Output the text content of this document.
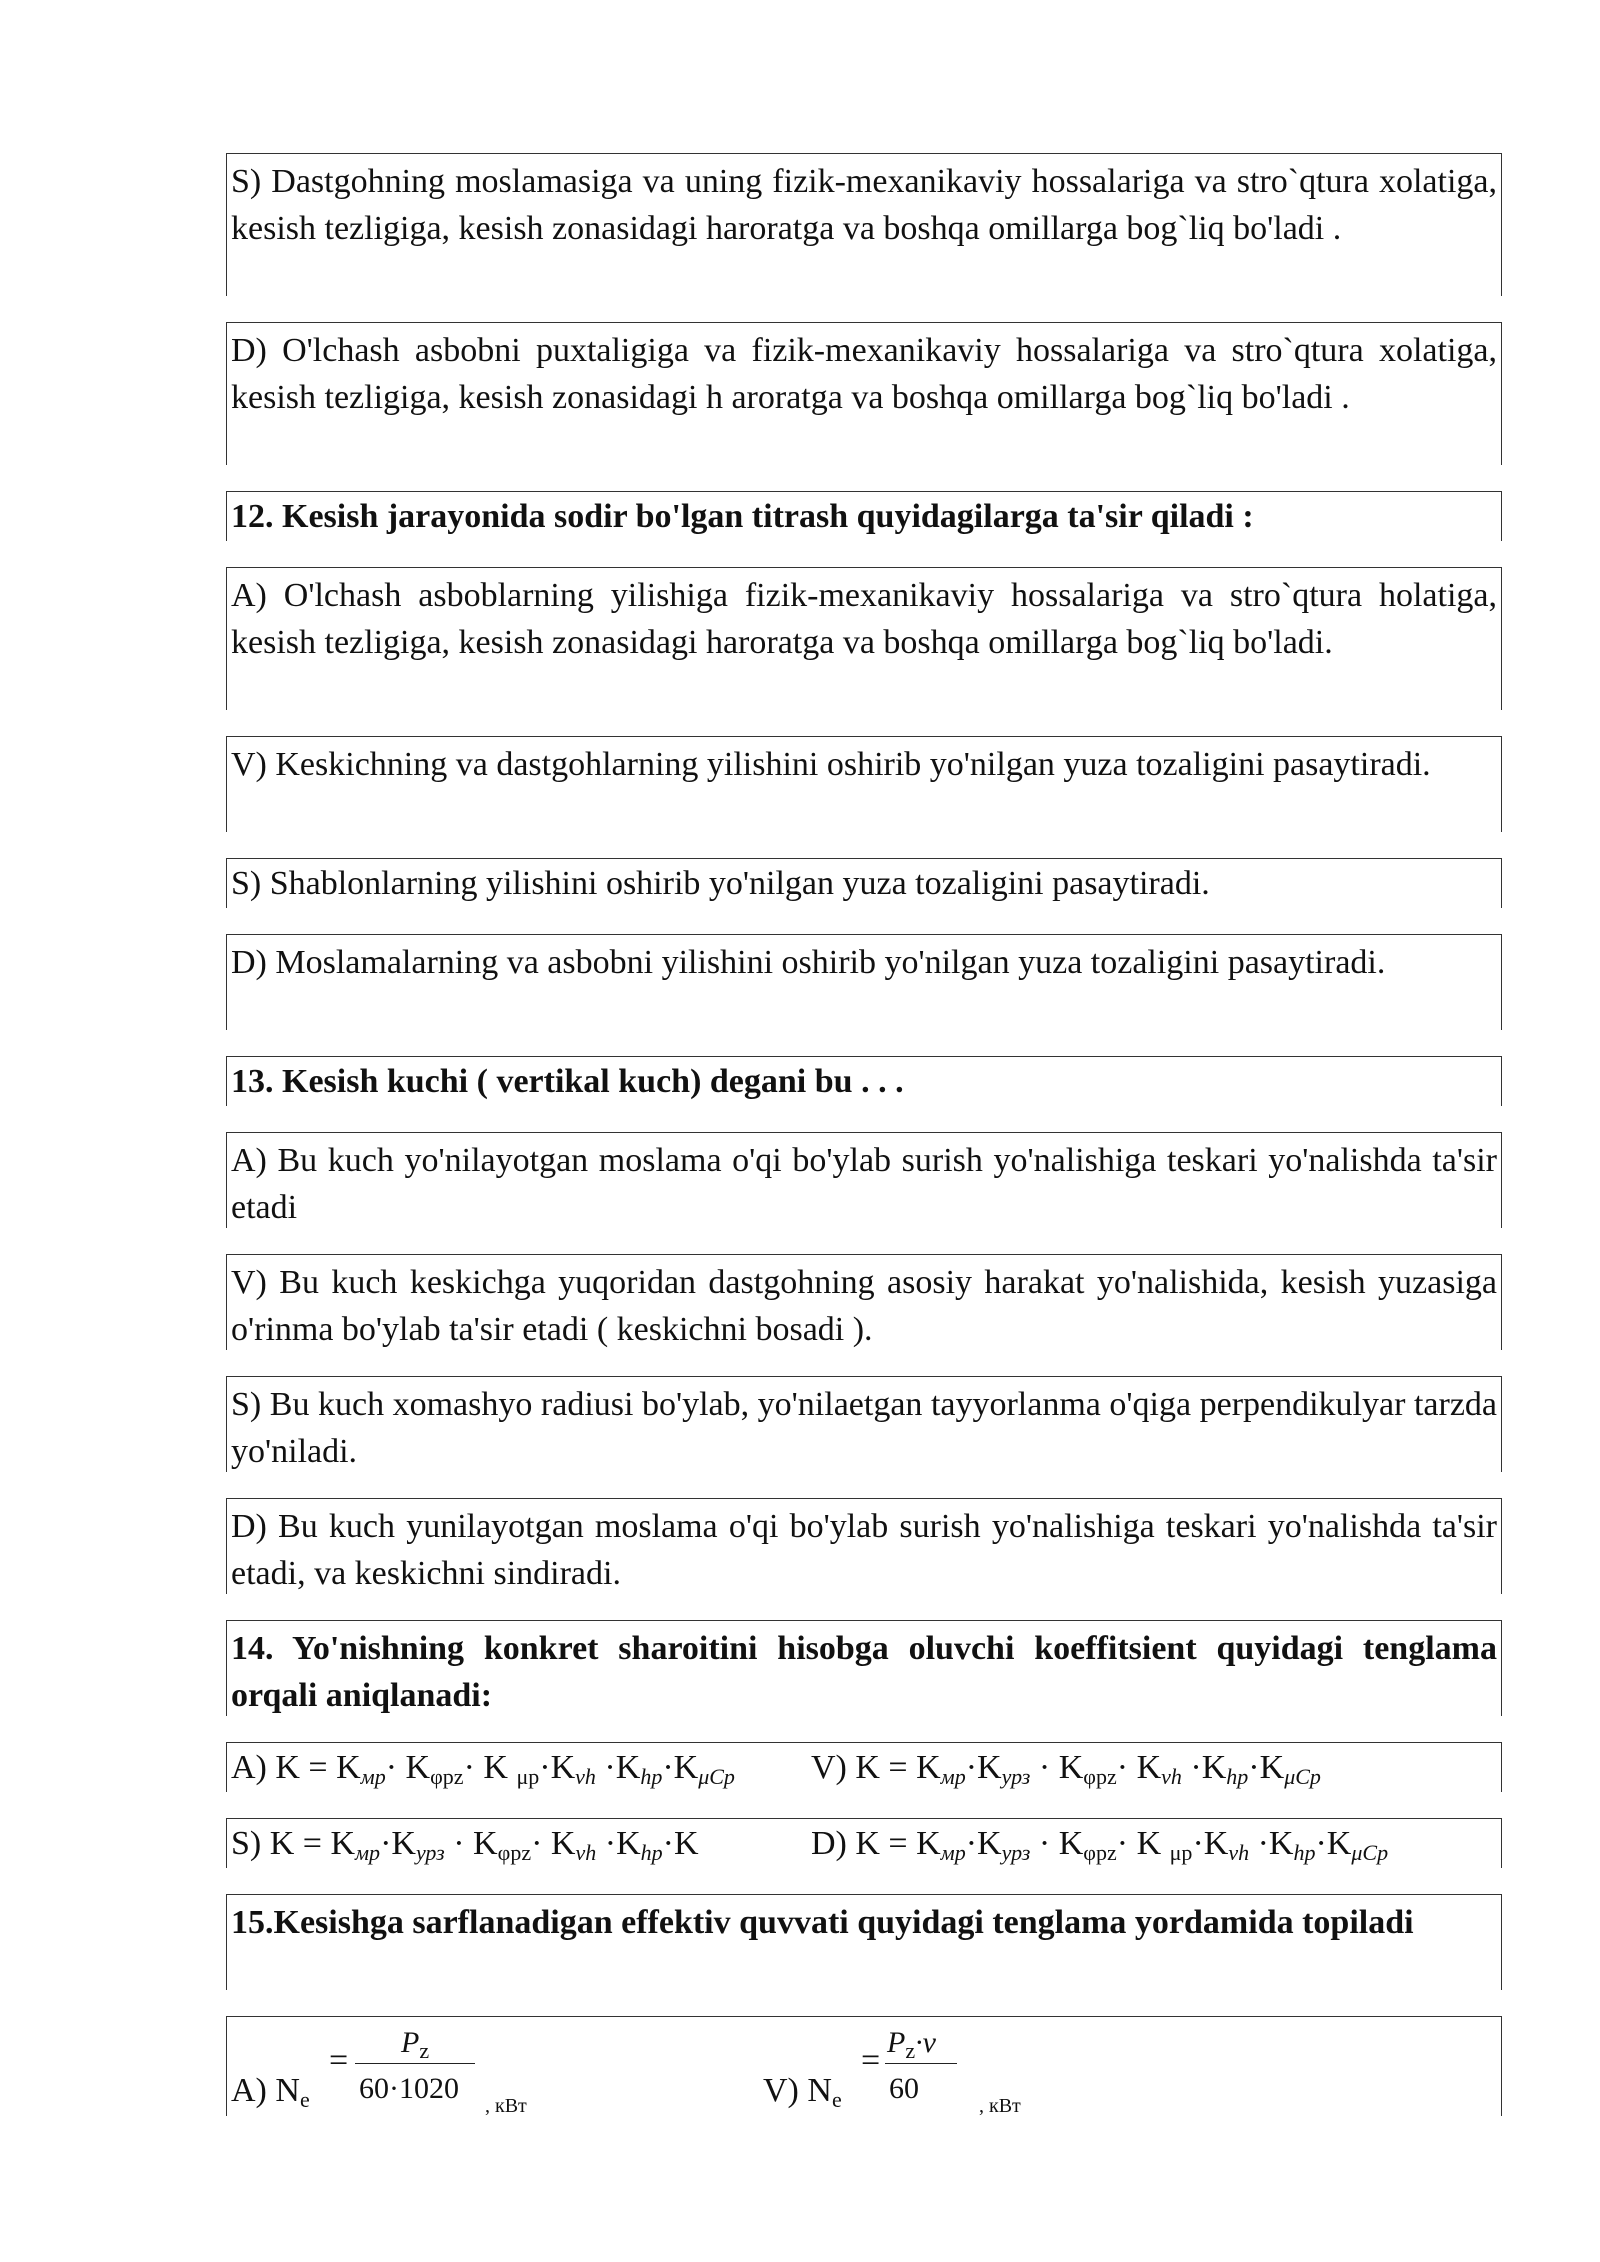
S) Dastgohning moslamasiga va uning fizik-mexanikaviy hossalariga va stro`qtura xolatiga, kesish tezligiga, kesish zonasidagi haroratga va boshqa omillarga bog`liq bo'ladi .
D) O'lchash asbobni puxtaligiga va fizik-mexanikaviy hossalariga va stro`qtura xolatiga, kesish tezligiga, kesish zonasidagi h aroratga va boshqa omillarga bog`liq bo'ladi .
12. Kesish jarayonida sodir bo'lgan titrash quyidagilarga ta'sir qiladi :
A) O'lchash asboblarning yilishiga fizik-mexanikaviy hossalariga va stro`qtura holatiga, kesish tezligiga, kesish zonasidagi haroratga va boshqa omillarga bog`liq bo'ladi.
V) Keskichning va dastgohlarning yilishini oshirib yo'nilgan yuza tozaligini pasaytiradi.
S) Shablonlarning yilishini oshirib yo'nilgan yuza tozaligini pasaytiradi.
D) Moslamalarning va asbobni yilishini oshirib yo'nilgan yuza tozaligini pasaytiradi.
13. Kesish kuchi ( vertikal kuch) degani bu . . .
A) Bu kuch yo'nilayotgan moslama o'qi bo'ylab surish yo'nalishiga teskari yo'nalishda ta'sir etadi
V) Bu kuch keskichga yuqoridan dastgohning asosiy harakat yo'nalishida, kesish yuzasiga o'rinma bo'ylab ta'sir etadi ( keskichni bosadi ).
S) Bu kuch xomashyo radiusi bo'ylab, yo'nilaetgan tayyorlanma o'qiga perpendikulyar tarzda yo'niladi.
D) Bu kuch yunilayotgan moslama o'qi bo'ylab surish yo'nalishiga teskari yo'nalishda ta'sir etadi, va keskichni sindiradi.
14. Yo'nishning konkret sharoitini hisobga oluvchi koeffitsient quyidagi tenglama orqali aniqlanadi:
A) $K = K_{мр}\cdot K_{\varphi рz}\cdot K$ $_{\mu р}\cdot K_{vh} \cdot K_{hp}\cdot K_{\mu Cp}$	V) $K = K_{мр}\cdot K_{урз} \cdot K_{\varphi рz}\cdot K_{vh} \cdot K_{hp}\cdot K_{\mu Cp}$
S) $K = K_{мр}\cdot K_{урз} \cdot K_{\varphi рz}\cdot K_{vh} \cdot K_{hp}\cdot K$	D) $K = K_{мр}\cdot K_{урз} \cdot K_{\varphi рz}\cdot K$ $_{\mu р}\cdot K_{vh} \cdot K_{hp}\cdot K_{\mu Cp}$
15.Kesishga sarflanadigan effektiv quvvati quyidagi tenglama yordamida topiladi
A) $N_e$
= $P_z$
60·1020
, кВт	V) $N_e$
= $P_z\cdot v$
60
, кВт
